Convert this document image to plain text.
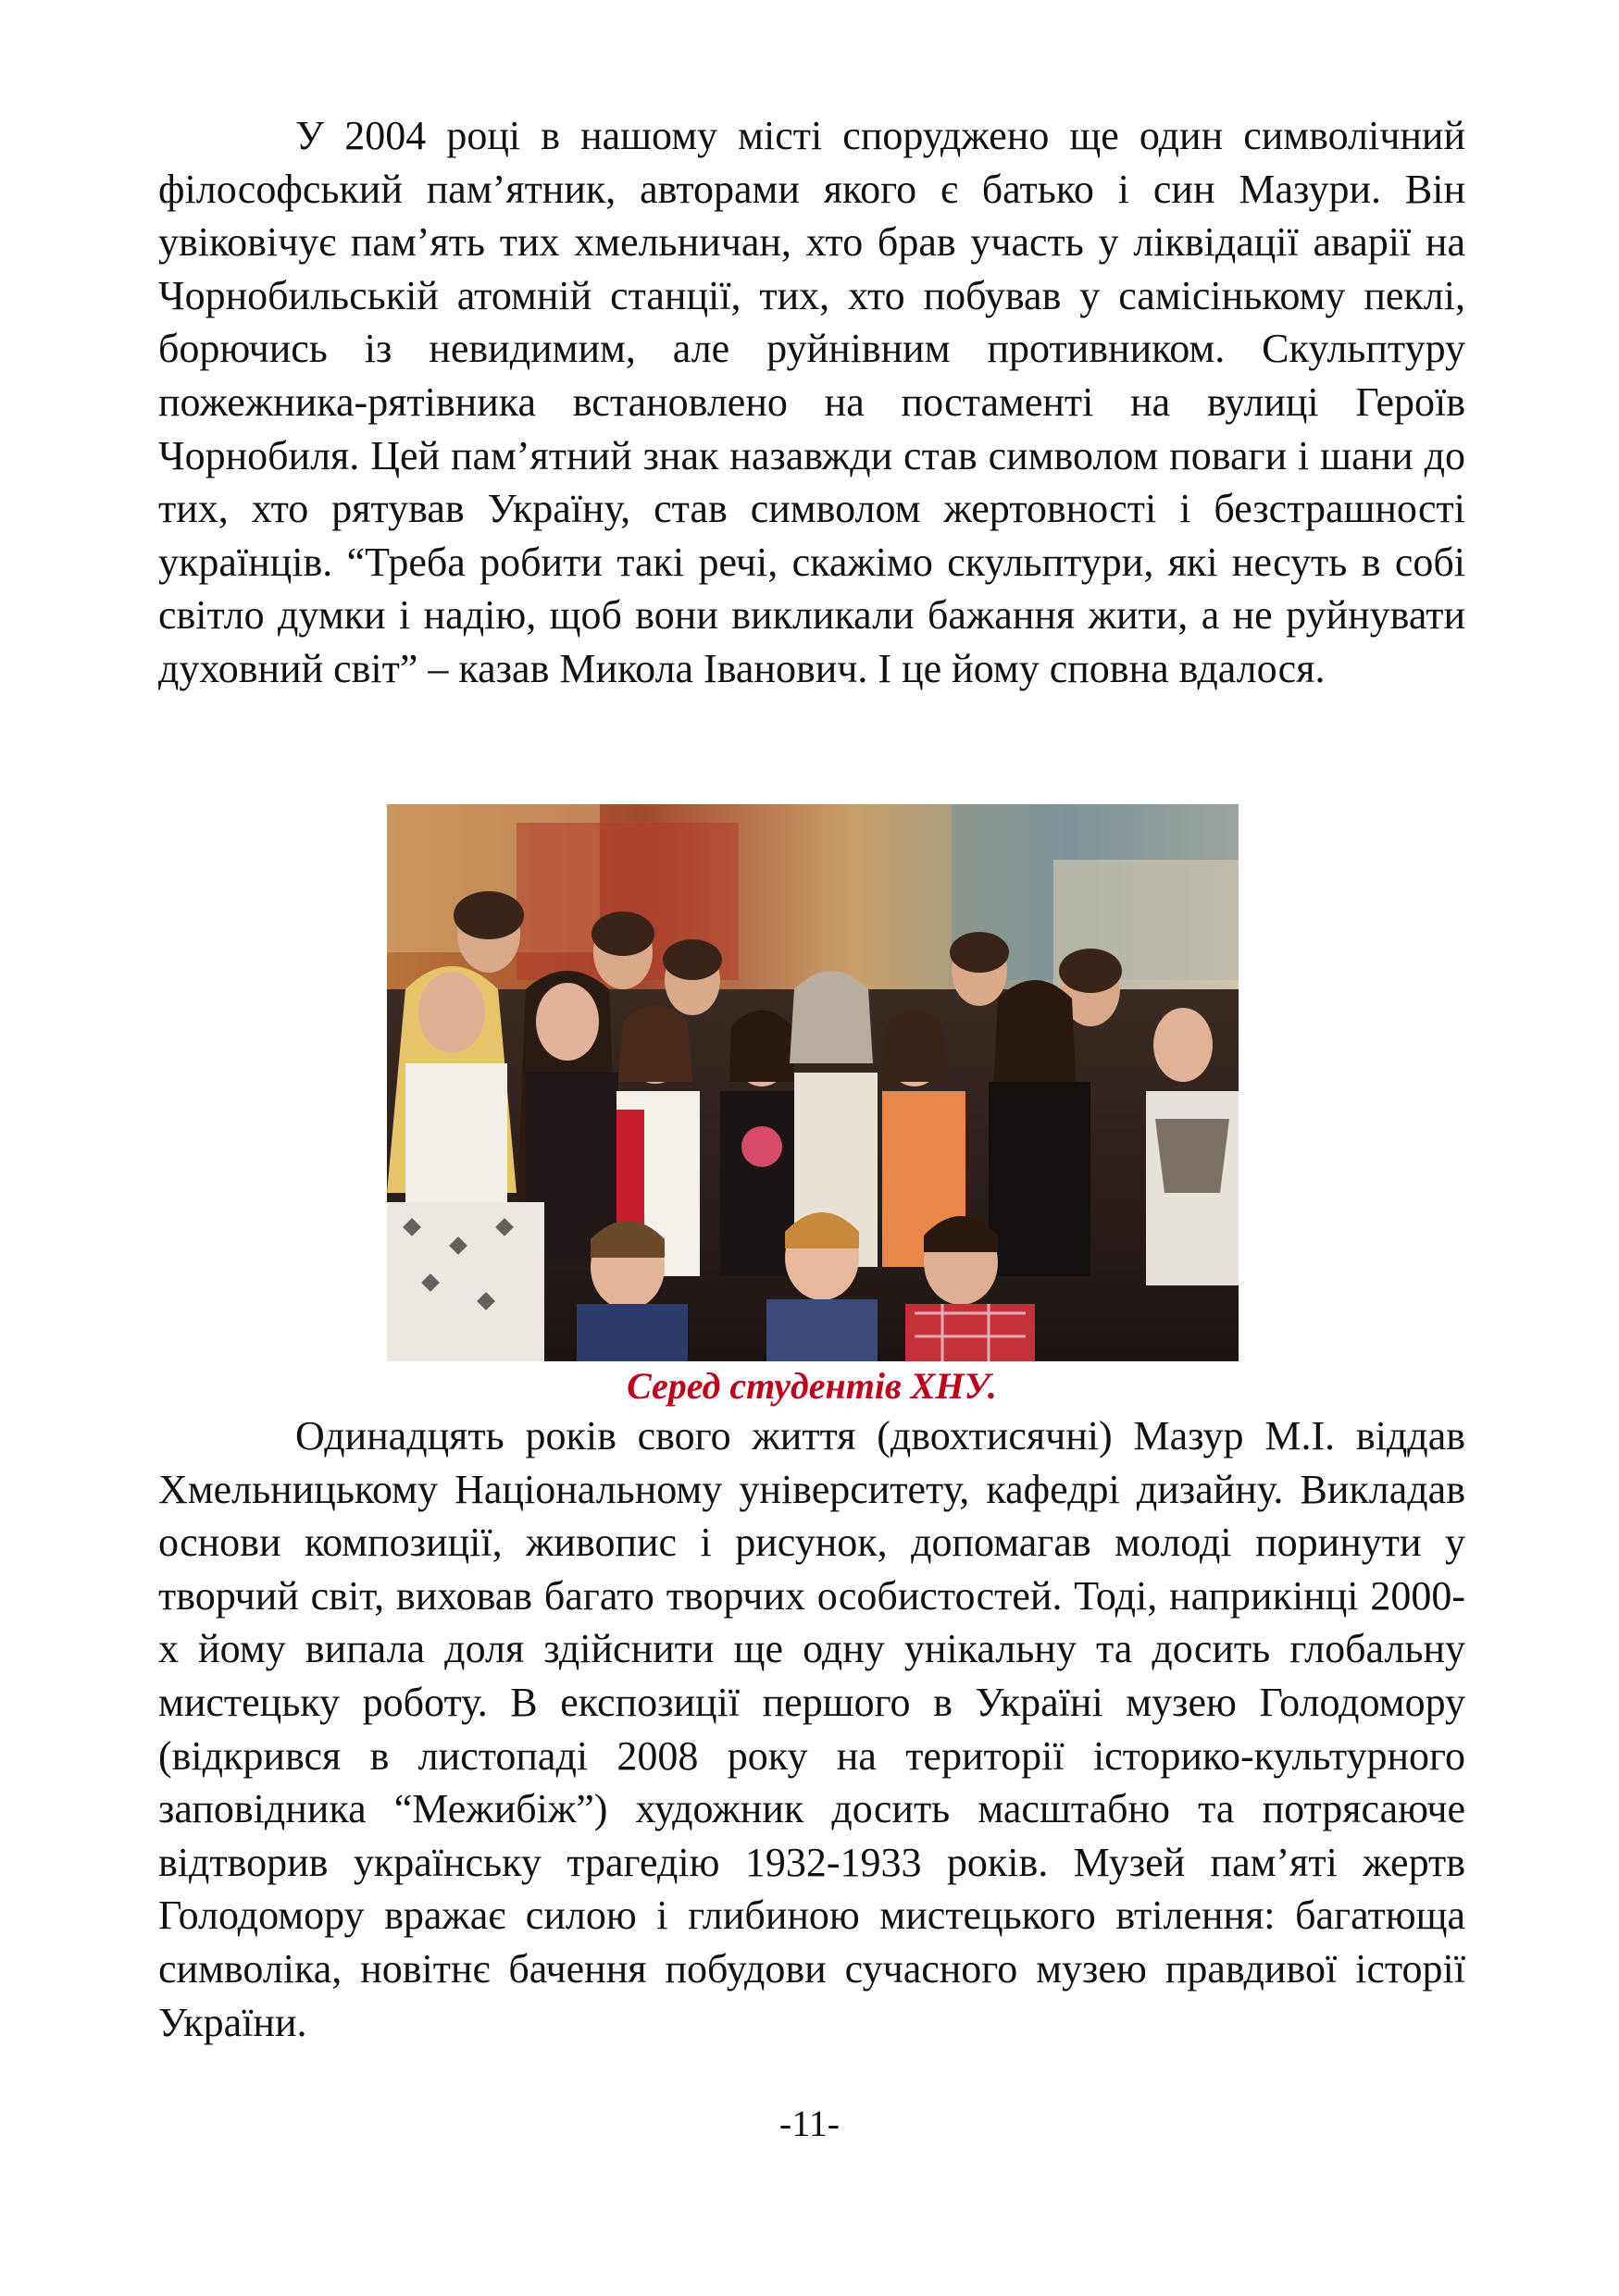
У 2004 році в нашому місті споруджено ще один символічний філософський пам’ятник, авторами якого є батько і син Мазури. Він увіковічує пам’ять тих хмельничан, хто брав участь у ліквідації аварії на Чорнобильській атомній станції, тих, хто побував у самісінькому пеклі, борючись із невидимим, але руйнівним противником. Скульптуру пожежника-рятівника встановлено на постаменті на вулиці Героїв Чорнобиля. Цей пам’ятний знак назавжди став символом поваги і шани до тих, хто рятував Україну, став символом жертовності і безстрашності українців. “Треба робити такі речі, скажімо скульптури, які несуть в собі світло думки і надію, щоб вони викликали бажання жити, а не руйнувати духовний світ” – казав Микола Іванович. І це йому сповна вдалося.

Серед студентів ХНУ.

Одинадцять років свого життя (двохтисячні) Мазур М.І. віддав Хмельницькому Національному університету, кафедрі дизайну. Викладав основи композиції, живопис і рисунок, допомагав молоді поринути у творчий світ, виховав багато творчих особистостей. Тоді, наприкінці 2000-х йому випала доля здійснити ще одну унікальну та досить глобальну мистецьку роботу. В експозиції першого в Україні музею Голодомору (відкрився в листопаді 2008 року на території історико-культурного заповідника “Межибіж”) художник досить масштабно та потрясаюче відтворив українську трагедію 1932-1933 років. Музей пам’яті жертв Голодомору вражає силою і глибиною мистецького втілення: багатюща символіка, новітнє бачення побудови сучасного музею правдивої історії України.

-11-
